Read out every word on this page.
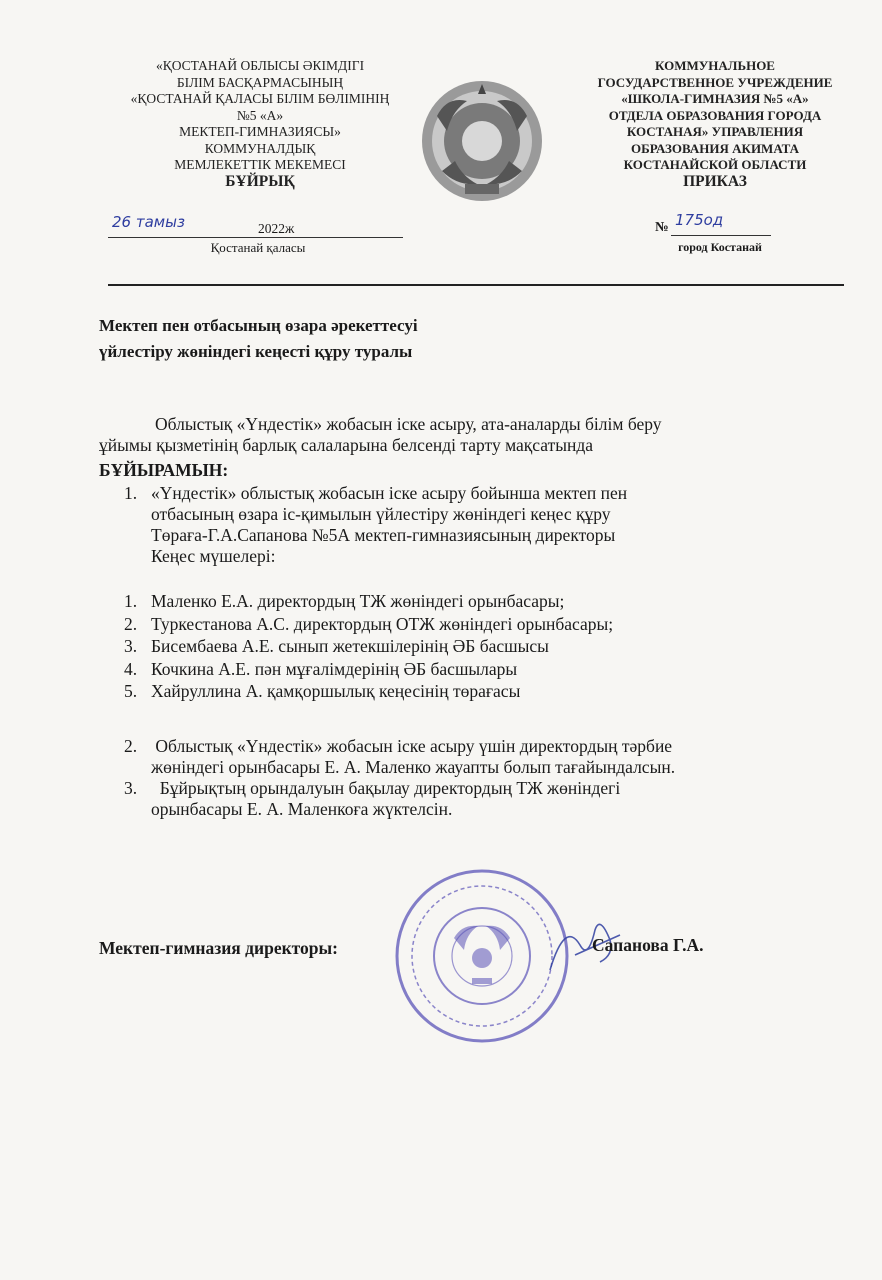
«ҚОСТАНАЙ ОБЛЫСЫ ӘКІМДІГІ
БІЛІМ БАСҚАРМАСЫНЫҢ
«ҚОСТАНАЙ ҚАЛАСЫ БІЛІМ БӨЛІМІНІҢ
№5 «А»
МЕКТЕП-ГИМНАЗИЯСЫ»
КОММУНАЛДЫҚ
МЕМЛЕКЕТТІК МЕКЕМЕСІ
БҰЙРЫҚ
26 тамыз	2022ж
Қостанай қаласы
КОММУНАЛЬНОЕ
ГОСУДАРСТВЕННОЕ УЧРЕЖДЕНИЕ
«ШКОЛА-ГИМНАЗИЯ №5 «А»
ОТДЕЛА ОБРАЗОВАНИЯ ГОРОДА
КОСТАНАЯ» УПРАВЛЕНИЯ
ОБРАЗОВАНИЯ АКИМАТА
КОСТАНАЙСКОЙ ОБЛАСТИ
ПРИКАЗ
№ 175од
город Костанай
Мектеп пен отбасының өзара әрекеттесуі
үйлестіру жөніндегі кеңесті құру туралы
Облыстық «Үндестік» жобасын іске асыру, ата-аналарды білім беру
ұйымы қызметінің барлық салаларына белсенді тарту мақсатында
БҰЙЫРАМЫН:
1. «Үндестік» облыстық жобасын іске асыру бойынша мектеп пен
отбасының өзара іс-қимылын үйлестіру жөніндегі кеңес құру
Төраға-Г.А.Сапанова №5А мектеп-гимназиясының директоры
Кеңес мүшелері:
1. Маленко Е.А. директордың ТЖ жөніндегі орынбасары;
2. Туркестанова А.С. директордың ОТЖ жөніндегі орынбасары;
3. Бисембаева А.Е. сынып жетекшілерінің ӘБ басшысы
4. Кочкина А.Е. пән мұғалімдерінің ӘБ басшылары
5. Хайруллина А. қамқоршылық кеңесінің төрағасы
2. Облыстық «Үндестік» жобасын іске асыру үшін директордың тәрбие
жөніндегі орынбасары Е. А. Маленко жауапты болып тағайындалсын.
3. Бұйрықтың орындалуын бақылау директордың ТЖ жөніндегі
орынбасары Е. А. Маленкоға жүктелсін.
Мектеп-гимназия директоры:	Сапанова Г.А.
